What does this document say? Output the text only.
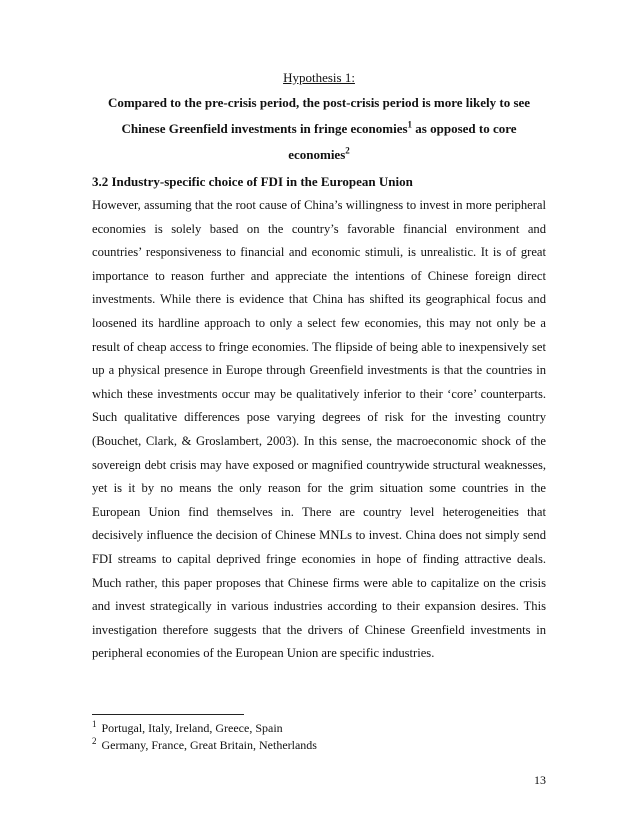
Hypothesis 1:
Compared to the pre-crisis period, the post-crisis period is more likely to see
Chinese Greenfield investments in fringe economies$^1$ as opposed to core
economies$^2$
3.2 Industry-specific choice of FDI in the European Union

However, assuming that the root cause of China’s willingness to invest in more peripheral economies is solely based on the country’s favorable financial environment and countries’ responsiveness to financial and economic stimuli, is unrealistic. It is of great importance to reason further and appreciate the intentions of Chinese foreign direct investments. While there is evidence that China has shifted its geographical focus and loosened its hardline approach to only a select few economies, this may not only be a result of cheap access to fringe economies. The flipside of being able to inexpensively set up a physical presence in Europe through Greenfield investments is that the countries in which these investments occur may be qualitatively inferior to their ‘core’ counterparts. Such qualitative differences pose varying degrees of risk for the investing country (Bouchet, Clark, & Groslambert, 2003). In this sense, the macroeconomic shock of the sovereign debt crisis may have exposed or magnified countrywide structural weaknesses, yet is it by no means the only reason for the grim situation some countries in the European Union find themselves in. There are country level heterogeneities that decisively influence the decision of Chinese MNLs to invest. China does not simply send FDI streams to capital deprived fringe economies in hope of finding attractive deals. Much rather, this paper proposes that Chinese firms were able to capitalize on the crisis and invest strategically in various industries according to their expansion desires. This investigation therefore suggests that the drivers of Chinese Greenfield investments in peripheral economies of the European Union are specific industries.

$^1$ Portugal, Italy, Ireland, Greece, Spain
$^2$ Germany, France, Great Britain, Netherlands
13
